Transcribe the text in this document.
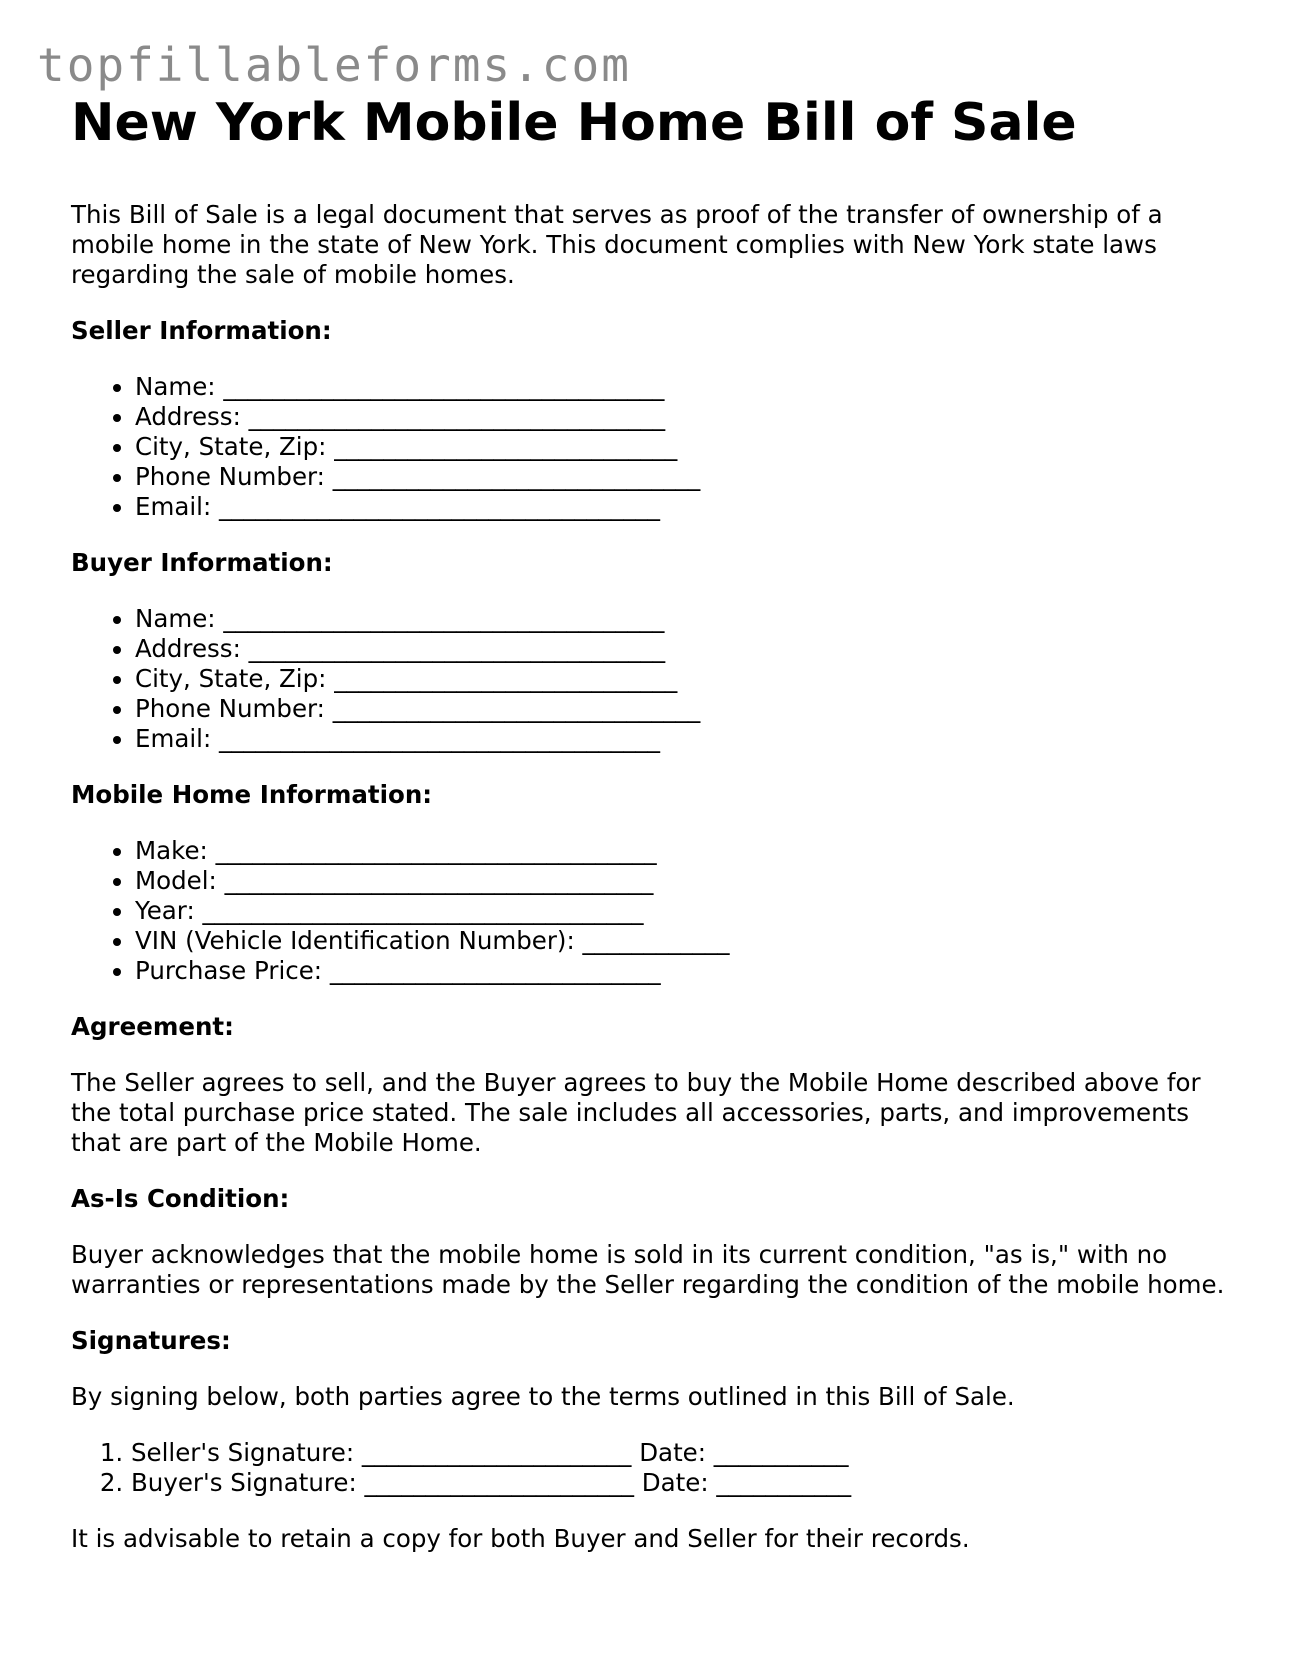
topfillableforms.com
New York Mobile Home Bill of Sale

This Bill of Sale is a legal document that serves as proof of the transfer of ownership of a mobile home in the state of New York. This document complies with New York state laws regarding the sale of mobile homes.

Seller Information:
• Name: ____________________________________
• Address: __________________________________
• City, State, Zip: ____________________________
• Phone Number: ______________________________
• Email: ____________________________________
Buyer Information:
• Name: ____________________________________
• Address: __________________________________
• City, State, Zip: ____________________________
• Phone Number: ______________________________
• Email: ____________________________________
Mobile Home Information:
• Make: ____________________________________
• Model: ___________________________________
• Year: ____________________________________
• VIN (Vehicle Identification Number): ____________
• Purchase Price: ___________________________
Agreement:

The Seller agrees to sell, and the Buyer agrees to buy the Mobile Home described above for the total purchase price stated. The sale includes all accessories, parts, and improvements that are part of the Mobile Home.

As-Is Condition:

Buyer acknowledges that the mobile home is sold in its current condition, "as is," with no warranties or representations made by the Seller regarding the condition of the mobile home.

Signatures:

By signing below, both parties agree to the terms outlined in this Bill of Sale.

1. Seller's Signature: ______________________ Date: ___________
2. Buyer's Signature: ______________________ Date: ___________

It is advisable to retain a copy for both Buyer and Seller for their records.
